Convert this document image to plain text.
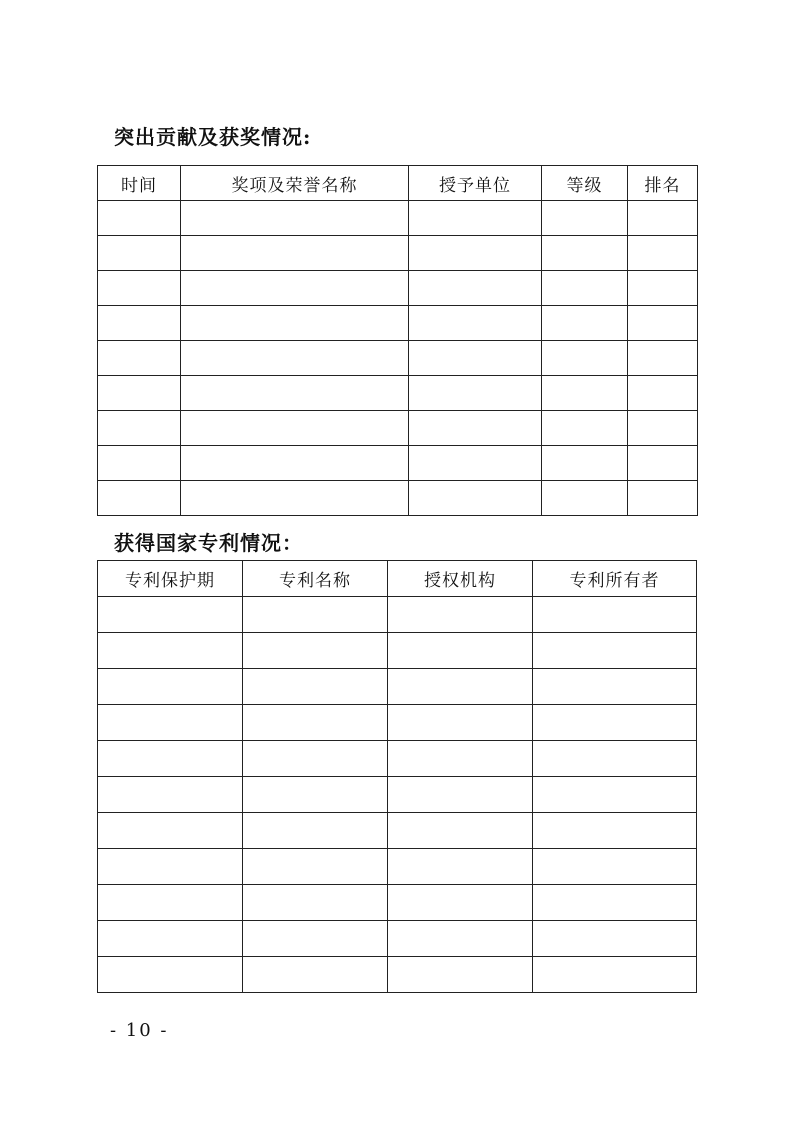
突出贡献及获奖情况:
时间	奖项及荣誉名称	授予单位	等级	排名

获得国家专利情况：
专利保护期	专利名称	授权机构	专利所有者

- 10 -
